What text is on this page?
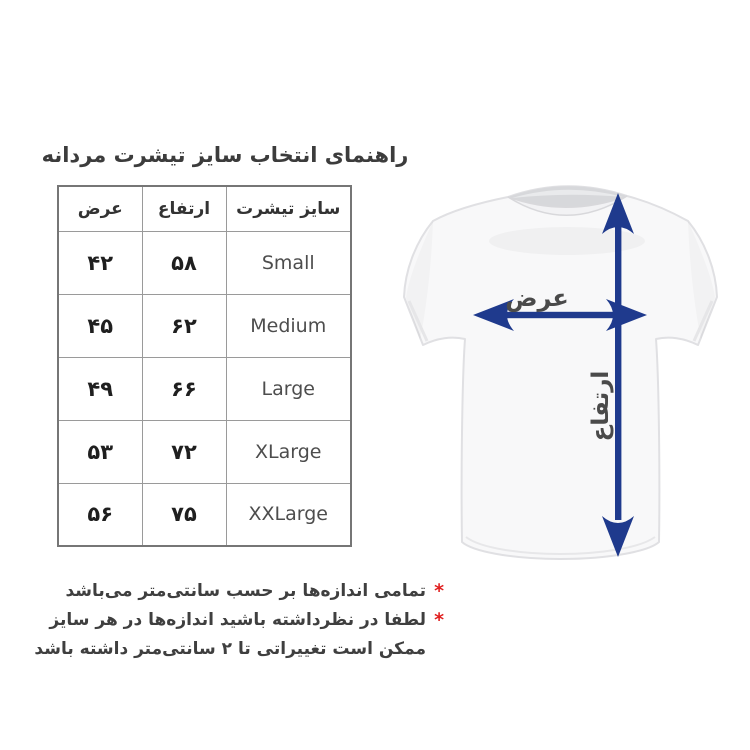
عرض
ارتفاع
راهنمای انتخاب سایز تیشرت مردانه
سایز تیشرت	ارتفاع	عرض
Small	۵۸	۴۲
Medium	۶۲	۴۵
Large	۶۶	۴۹
XLarge	۷۲	۵۳
XXLarge	۷۵	۵۶
*
تمامی اندازه‌ها بر حسب سانتی‌متر می‌باشد
*
لطفا در نظرداشته باشید اندازه‌ها در هر سایز
ممکن است تغییراتی تا ۲ سانتی‌متر داشته باشد
